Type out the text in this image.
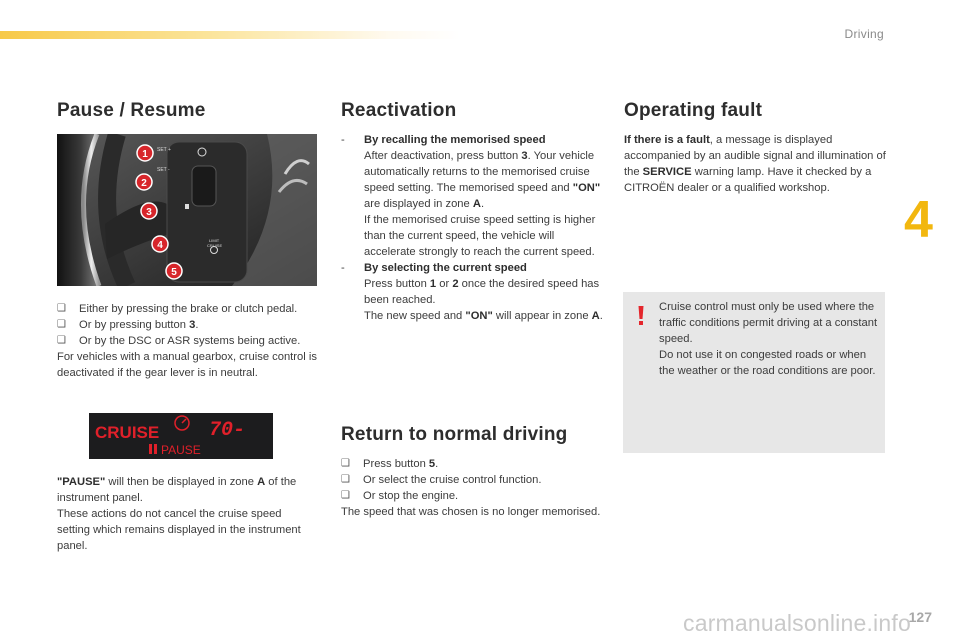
Driving
4
Pause / Resume
SET +
SET -
LIMIT
CRUISE
1
2
3
4
5
❑ Either by pressing the brake or clutch pedal.
❑ Or by pressing button 3.
❑ Or by the DSC or ASR systems being active.

For vehicles with a manual gearbox, cruise control is deactivated if the gear lever is in neutral.

CRUISE 70-
PAUSE

"PAUSE" will then be displayed in zone A of the instrument panel.

These actions do not cancel the cruise speed setting which remains displayed in the instrument panel.

Reactivation
- By recalling the memorised speed
After deactivation, press button 3. Your vehicle automatically returns to the memorised cruise speed setting. The memorised speed and "ON" are displayed in zone A.
If the memorised cruise speed setting is higher than the current speed, the vehicle will accelerate strongly to reach the current speed.
- By selecting the current speed
Press button 1 or 2 once the desired speed has been reached.
The new speed and "ON" will appear in zone A.
Return to normal driving
❑ Press button 5.
❑ Or select the cruise control function.
❑ Or stop the engine.

The speed that was chosen is no longer memorised.

Operating fault

If there is a fault, a message is displayed accompanied by an audible signal and illumination of the SERVICE warning lamp. Have it checked by a CITROËN dealer or a qualified workshop.

Cruise control must only be used where the traffic conditions permit driving at a constant speed.
Do not use it on congested roads or when the weather or the road conditions are poor.
carmanualsonline.info
127
